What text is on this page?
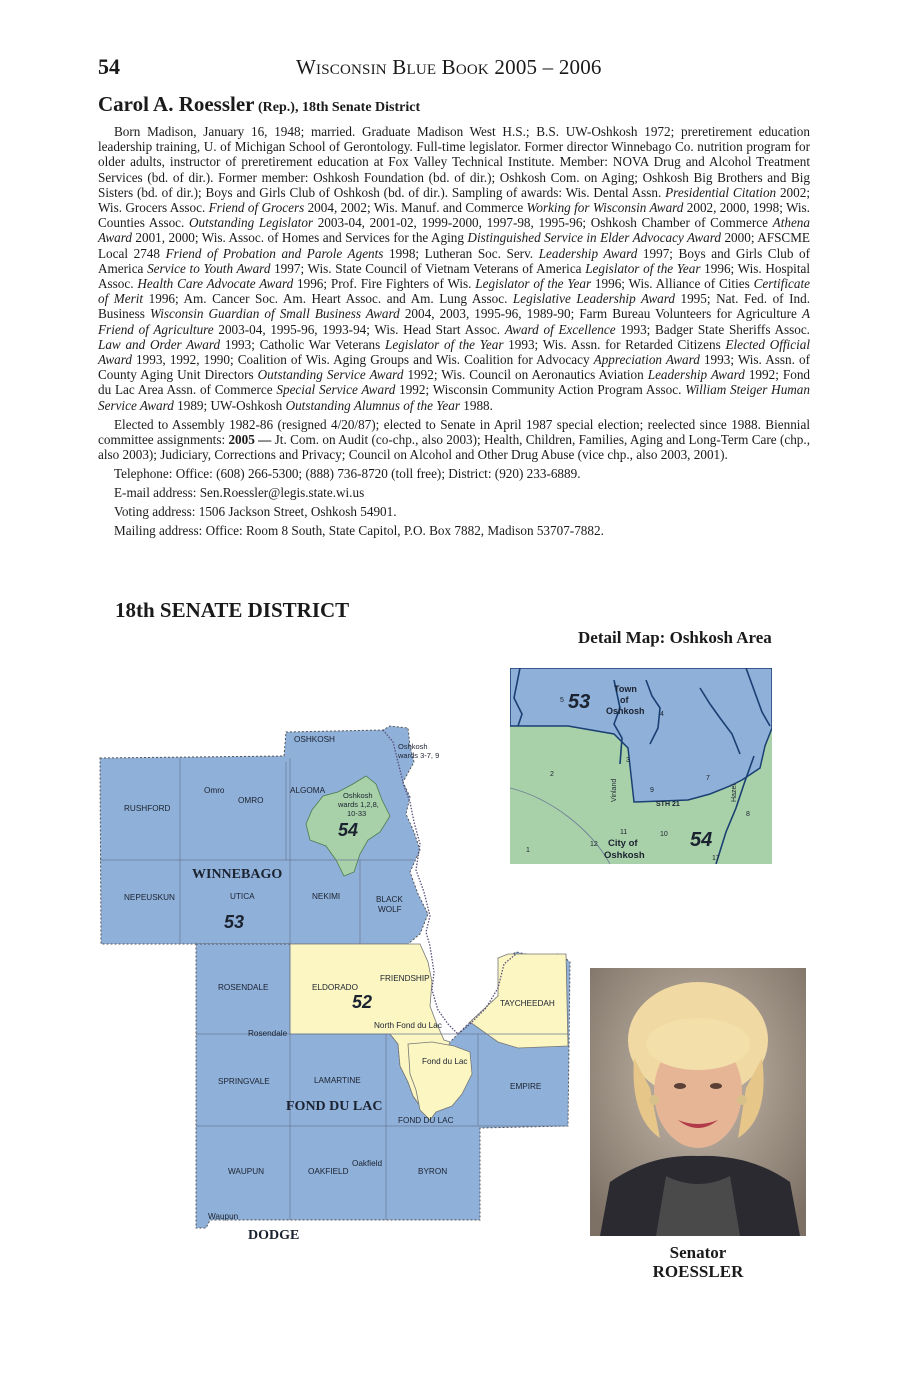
54	Wisconsin Blue Book 2005 – 2006
Carol A. Roessler (Rep.), 18th Senate District

Born Madison, January 16, 1948; married. Graduate Madison West H.S.; B.S. UW-Oshkosh 1972; preretirement education leadership training, U. of Michigan School of Gerontology. Full-time legislator. Former director Winnebago Co. nutrition program for older adults, instructor of preretirement education at Fox Valley Technical Institute. Member: NOVA Drug and Alcohol Treatment Services (bd. of dir.). Former member: Oshkosh Foundation (bd. of dir.); Oshkosh Com. on Aging; Oshkosh Big Brothers and Big Sisters (bd. of dir.); Boys and Girls Club of Oshkosh (bd. of dir.). Sampling of awards: Wis. Dental Assn. Presidential Citation 2002; Wis. Grocers Assoc. Friend of Grocers 2004, 2002; Wis. Manuf. and Commerce Working for Wisconsin Award 2002, 2000, 1998; Wis. Counties Assoc. Outstanding Legislator 2003-04, 2001-02, 1999-2000, 1997-98, 1995-96; Oshkosh Chamber of Commerce Athena Award 2001, 2000; Wis. Assoc. of Homes and Services for the Aging Distinguished Service in Elder Advocacy Award 2000; AFSCME Local 2748 Friend of Probation and Parole Agents 1998; Lutheran Soc. Serv. Leadership Award 1997; Boys and Girls Club of America Service to Youth Award 1997; Wis. State Council of Vietnam Veterans of America Legislator of the Year 1996; Wis. Hospital Assoc. Health Care Advocate Award 1996; Prof. Fire Fighters of Wis. Legislator of the Year 1996; Wis. Alliance of Cities Certificate of Merit 1996; Am. Cancer Soc. Am. Heart Assoc. and Am. Lung Assoc. Legislative Leadership Award 1995; Nat. Fed. of Ind. Business Wisconsin Guardian of Small Business Award 2004, 2003, 1995-96, 1989-90; Farm Bureau Volunteers for Agriculture A Friend of Agriculture 2003-04, 1995-96, 1993-94; Wis. Head Start Assoc. Award of Excellence 1993; Badger State Sheriffs Assoc. Law and Order Award 1993; Catholic War Veterans Legislator of the Year 1993; Wis. Assn. for Retarded Citizens Elected Official Award 1993, 1992, 1990; Coalition of Wis. Aging Groups and Wis. Coalition for Advocacy Appreciation Award 1993; Wis. Assn. of County Aging Unit Directors Outstanding Service Award 1992; Wis. Council on Aeronautics Aviation Leadership Award 1992; Fond du Lac Area Assn. of Commerce Special Service Award 1992; Wisconsin Community Action Program Assoc. William Steiger Human Service Award 1989; UW-Oshkosh Outstanding Alumnus of the Year 1988.

Elected to Assembly 1982-86 (resigned 4/20/87); elected to Senate in April 1987 special election; reelected since 1988. Biennial committee assignments: 2005 — Jt. Com. on Audit (co-chp., also 2003); Health, Children, Families, Aging and Long-Term Care (chp., also 2003); Judiciary, Corrections and Privacy; Council on Alcohol and Other Drug Abuse (vice chp., also 2003, 2001).

Telephone: Office: (608) 266-5300; (888) 736-8720 (toll free); District: (920) 233-6889.

E-mail address: Sen.Roessler@legis.state.wi.us

Voting address: 1506 Jackson Street, Oshkosh 54901.

Mailing address: Office: Room 8 South, State Capitol, P.O. Box 7882, Madison 53707-7882.

18th SENATE DISTRICT
Detail Map: Oshkosh Area
OSHKOSH
Oshkosh
wards 3-7, 9
Omro
OMRO
ALGOMA
Oshkosh
wards 1,2,8,
10-33
54
RUSHFORD
WINNEBAGO
NEPEUSKUN	UTICA
53
NEKIMI	BLACK
WOLF
ROSENDALE	ELDORADO
FRIENDSHIP
52	TAYCHEEDAH
North Fond du Lac
Rosendale
Fond du Lac
SPRINGVALE	LAMARTINE
EMPIRE
FOND DU LAC
FOND DU LAC
Oakfield
WAUPUN	OAKFIELD	BYRON
Waupun
DODGE
Town
of
Oshkosh
53
5
4
2
3
7
9
8
11	10
12
1
17
Vinland
STH 21
Hazel
City of
Oshkosh
54
Senator
ROESSLER
